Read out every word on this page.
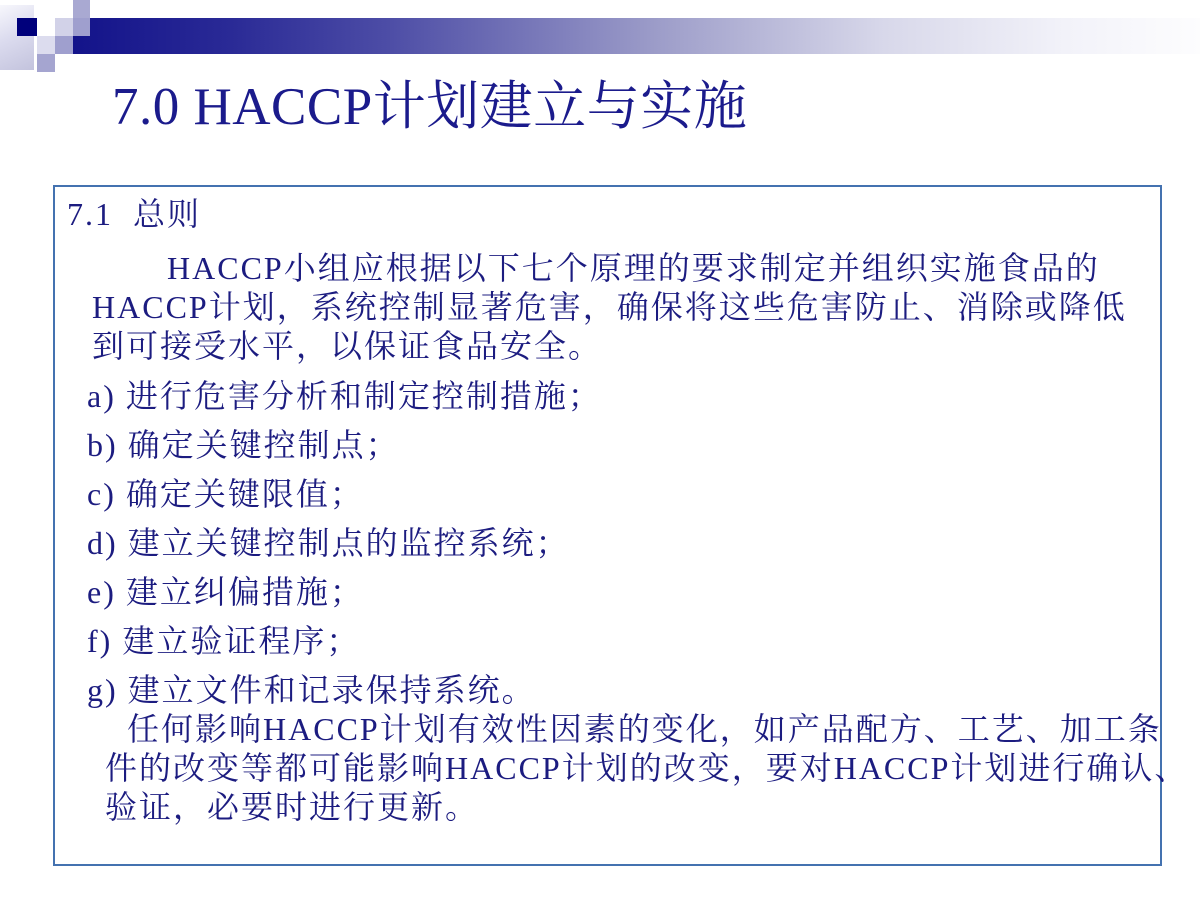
7.0 HACCP计划建立与实施
7.1  总则
HACCP小组应根据以下七个原理的要求制定并组织实施食品的
HACCP计划，系统控制显著危害，确保将这些危害防止、消除或降低
到可接受水平，以保证食品安全。
a) 进行危害分析和制定控制措施；
b) 确定关键控制点；
c) 确定关键限值；
d) 建立关键控制点的监控系统；
e) 建立纠偏措施；
f) 建立验证程序；
g) 建立文件和记录保持系统。
任何影响HACCP计划有效性因素的变化，如产品配方、工艺、加工条
件的改变等都可能影响HACCP计划的改变，要对HACCP计划进行确认、
验证，必要时进行更新。
